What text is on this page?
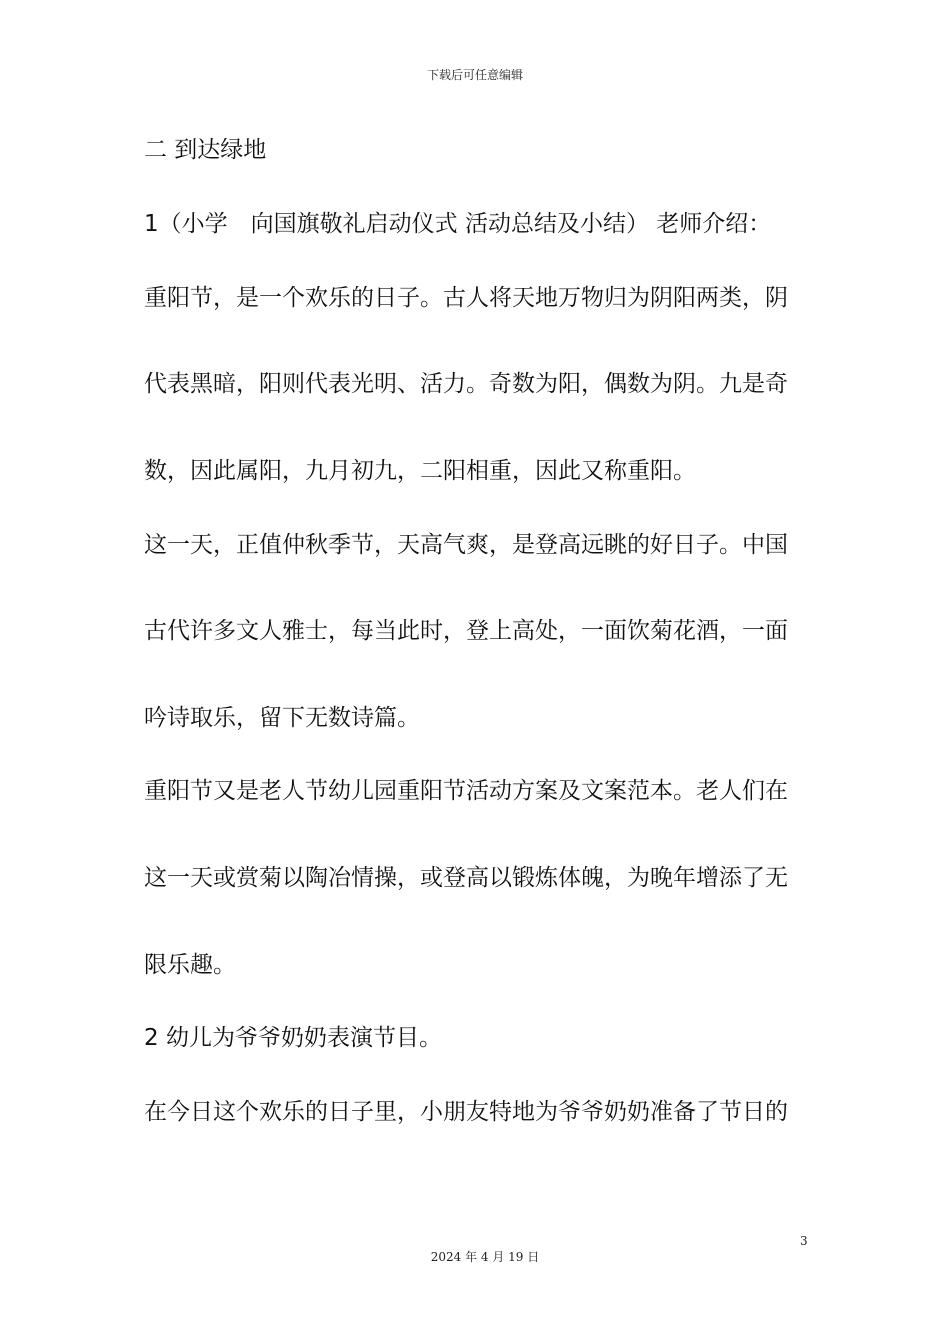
下载后可任意编辑
二 到达绿地
1（小学　向国旗敬礼启动仪式 活动总结及小结） 老师介绍：
重阳节，是一个欢乐的日子。古人将天地万物归为阴阳两类，阴
代表黑暗，阳则代表光明、活力。奇数为阳，偶数为阴。九是奇
数，因此属阳，九月初九，二阳相重，因此又称重阳。
这一天，正值仲秋季节，天高气爽，是登高远眺的好日子。中国
古代许多文人雅士，每当此时，登上高处，一面饮菊花酒，一面
吟诗取乐，留下无数诗篇。
重阳节又是老人节幼儿园重阳节活动方案及文案范本。老人们在
这一天或赏菊以陶冶情操，或登高以锻炼体魄，为晚年增添了无
限乐趣。
2 幼儿为爷爷奶奶表演节目。
在今日这个欢乐的日子里，小朋友特地为爷爷奶奶准备了节日的
3
2024 年 4 月 19 日
